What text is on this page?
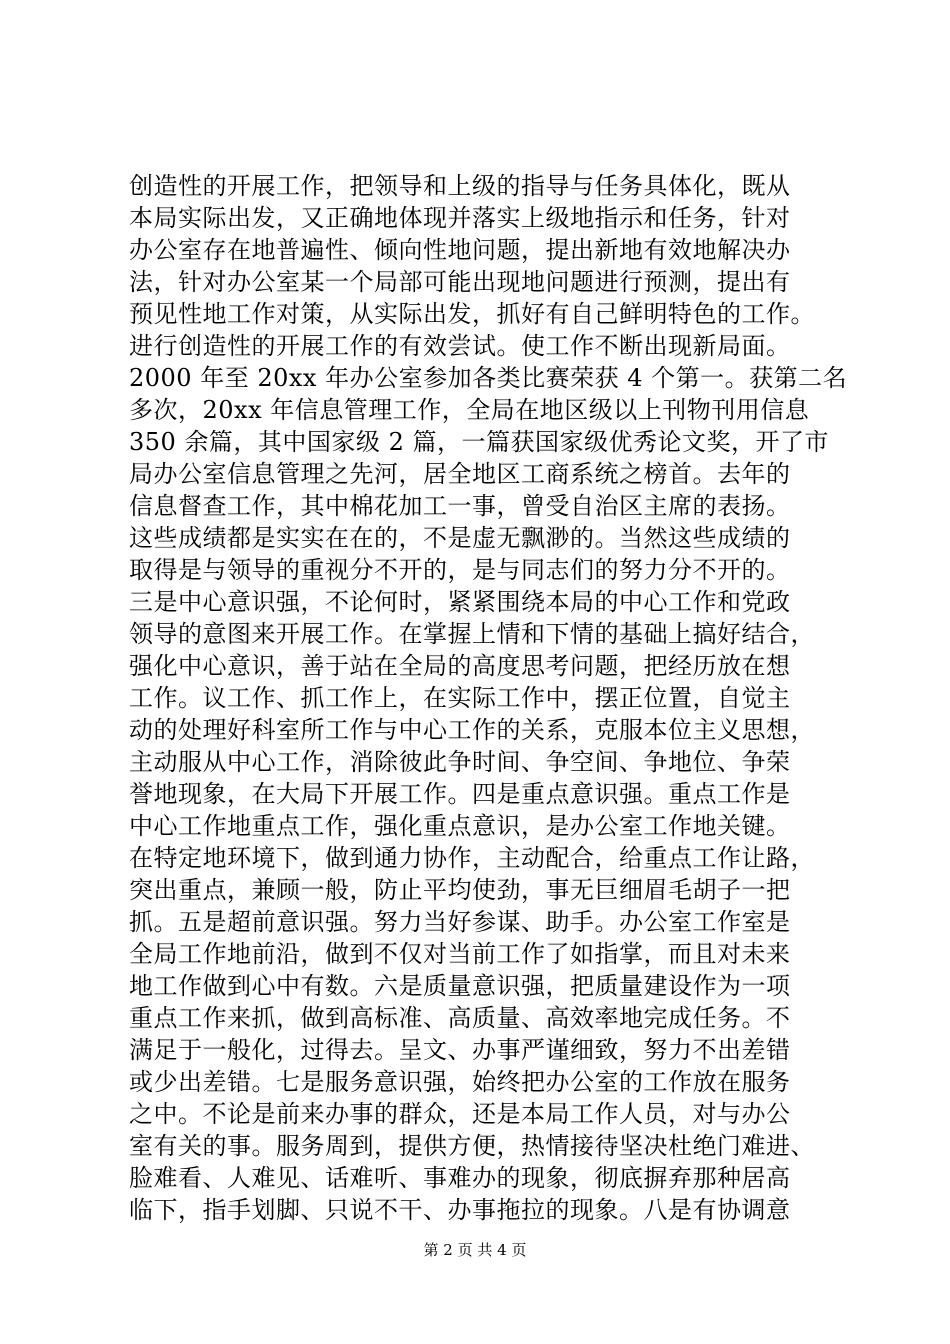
创造性的开展工作，把领导和上级的指导与任务具体化，既从
本局实际出发，又正确地体现并落实上级地指示和任务，针对
办公室存在地普遍性、倾向性地问题，提出新地有效地解决办
法，针对办公室某一个局部可能出现地问题进行预测，提出有
预见性地工作对策，从实际出发，抓好有自己鲜明特色的工作。
进行创造性的开展工作的有效尝试。使工作不断出现新局面。
2000 年至 20xx 年办公室参加各类比赛荣获 4 个第一。获第二名
多次，20xx 年信息管理工作，全局在地区级以上刊物刊用信息
350 余篇，其中国家级 2 篇，一篇获国家级优秀论文奖，开了市
局办公室信息管理之先河，居全地区工商系统之榜首。去年的
信息督查工作，其中棉花加工一事，曾受自治区主席的表扬。
这些成绩都是实实在在的，不是虚无飘渺的。当然这些成绩的
取得是与领导的重视分不开的，是与同志们的努力分不开的。
三是中心意识强，不论何时，紧紧围绕本局的中心工作和党政
领导的意图来开展工作。在掌握上情和下情的基础上搞好结合，
强化中心意识，善于站在全局的高度思考问题，把经历放在想
工作。议工作、抓工作上，在实际工作中，摆正位置，自觉主
动的处理好科室所工作与中心工作的关系，克服本位主义思想，
主动服从中心工作，消除彼此争时间、争空间、争地位、争荣
誉地现象，在大局下开展工作。四是重点意识强。重点工作是
中心工作地重点工作，强化重点意识，是办公室工作地关键。
在特定地环境下，做到通力协作，主动配合，给重点工作让路，
突出重点，兼顾一般，防止平均使劲，事无巨细眉毛胡子一把
抓。五是超前意识强。努力当好参谋、助手。办公室工作室是
全局工作地前沿，做到不仅对当前工作了如指掌，而且对未来
地工作做到心中有数。六是质量意识强，把质量建设作为一项
重点工作来抓，做到高标准、高质量、高效率地完成任务。不
满足于一般化，过得去。呈文、办事严谨细致，努力不出差错
或少出差错。七是服务意识强，始终把办公室的工作放在服务
之中。不论是前来办事的群众，还是本局工作人员，对与办公
室有关的事。服务周到，提供方便，热情接待坚决杜绝门难进、
脸难看、人难见、话难听、事难办的现象，彻底摒弃那种居高
临下，指手划脚、只说不干、办事拖拉的现象。八是有协调意
第 2 页 共 4 页
